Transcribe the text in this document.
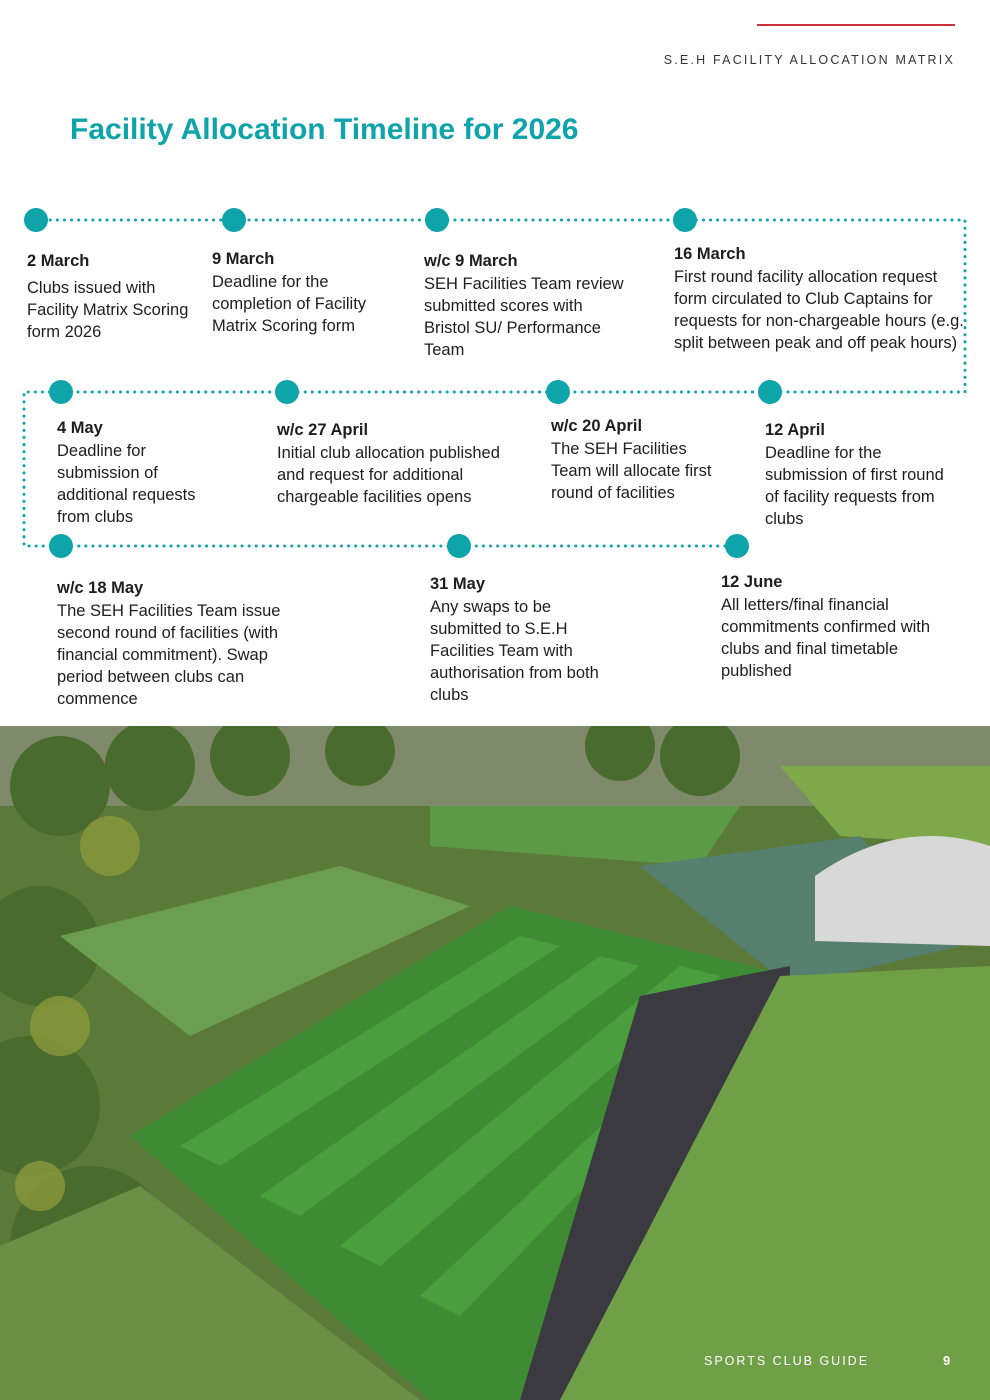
S.E.H FACILITY ALLOCATION MATRIX
Facility Allocation Timeline for 2026
2 March
Clubs issued with Facility Matrix Scoring form 2026
9 March
Deadline for the completion of Facility Matrix Scoring form
w/c 9 March
SEH Facilities Team review submitted scores with Bristol SU/ Performance Team
16 March
First round facility allocation request form circulated to Club Captains for requests for non-chargeable hours (e.g. split between peak and off peak hours)
12 April
Deadline for the submission of first round of facility requests from clubs
w/c 20 April
The SEH Facilities Team will allocate first round of facilities
w/c 27 April
Initial club allocation published and request for additional chargeable facilities opens
4 May
Deadline for submission of additional requests from clubs
w/c 18 May
The SEH Facilities Team issue second round of facilities (with financial commitment). Swap period between clubs can commence
31 May
Any swaps to be submitted to S.E.H Facilities Team with authorisation from both clubs
12 June
All letters/final financial commitments confirmed with clubs and final timetable published
SPORTS CLUB GUIDE	9
